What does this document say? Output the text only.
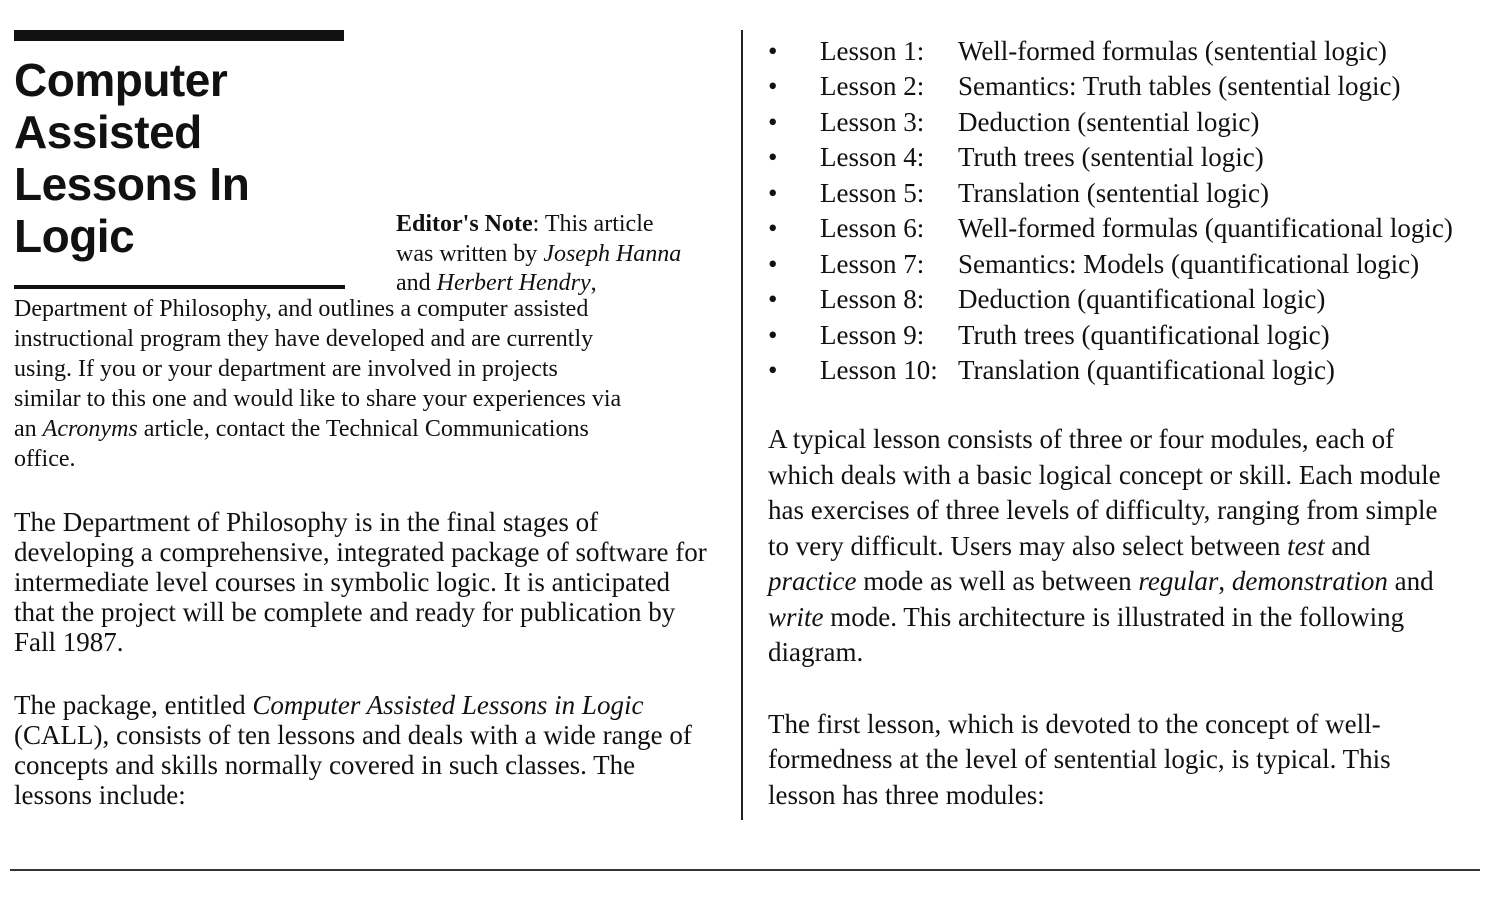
Computer
Assisted
Lessons In
Logic	Editor's Note: This article
was written by Joseph Hanna
and Herbert Hendry,
Department of Philosophy, and outlines a computer assisted
instructional program they have developed and are currently
using. If you or your department are involved in projects
similar to this one and would like to share your experiences via
an Acronyms article, contact the Technical Communications
office.
The Department of Philosophy is in the final stages of
developing a comprehensive, integrated package of software for
intermediate level courses in symbolic logic. It is anticipated
that the project will be complete and ready for publication by
Fall 1987.
The package, entitled Computer Assisted Lessons in Logic
(CALL), consists of ten lessons and deals with a wide range of
concepts and skills normally covered in such classes. The
lessons include:
• Lesson 1: Well-formed formulas (sentential logic)
• Lesson 2: Semantics: Truth tables (sentential logic)
• Lesson 3: Deduction (sentential logic)
• Lesson 4: Truth trees (sentential logic)
• Lesson 5: Translation (sentential logic)
• Lesson 6: Well-formed formulas (quantificational logic)
• Lesson 7: Semantics: Models (quantificational logic)
• Lesson 8: Deduction (quantificational logic)
• Lesson 9: Truth trees (quantificational logic)
• Lesson 10: Translation (quantificational logic)
A typical lesson consists of three or four modules, each of
which deals with a basic logical concept or skill. Each module
has exercises of three levels of difficulty, ranging from simple
to very difficult. Users may also select between test and
practice mode as well as between regular, demonstration and
write mode. This architecture is illustrated in the following
diagram.
The first lesson, which is devoted to the concept of well-
formedness at the level of sentential logic, is typical. This
lesson has three modules:
